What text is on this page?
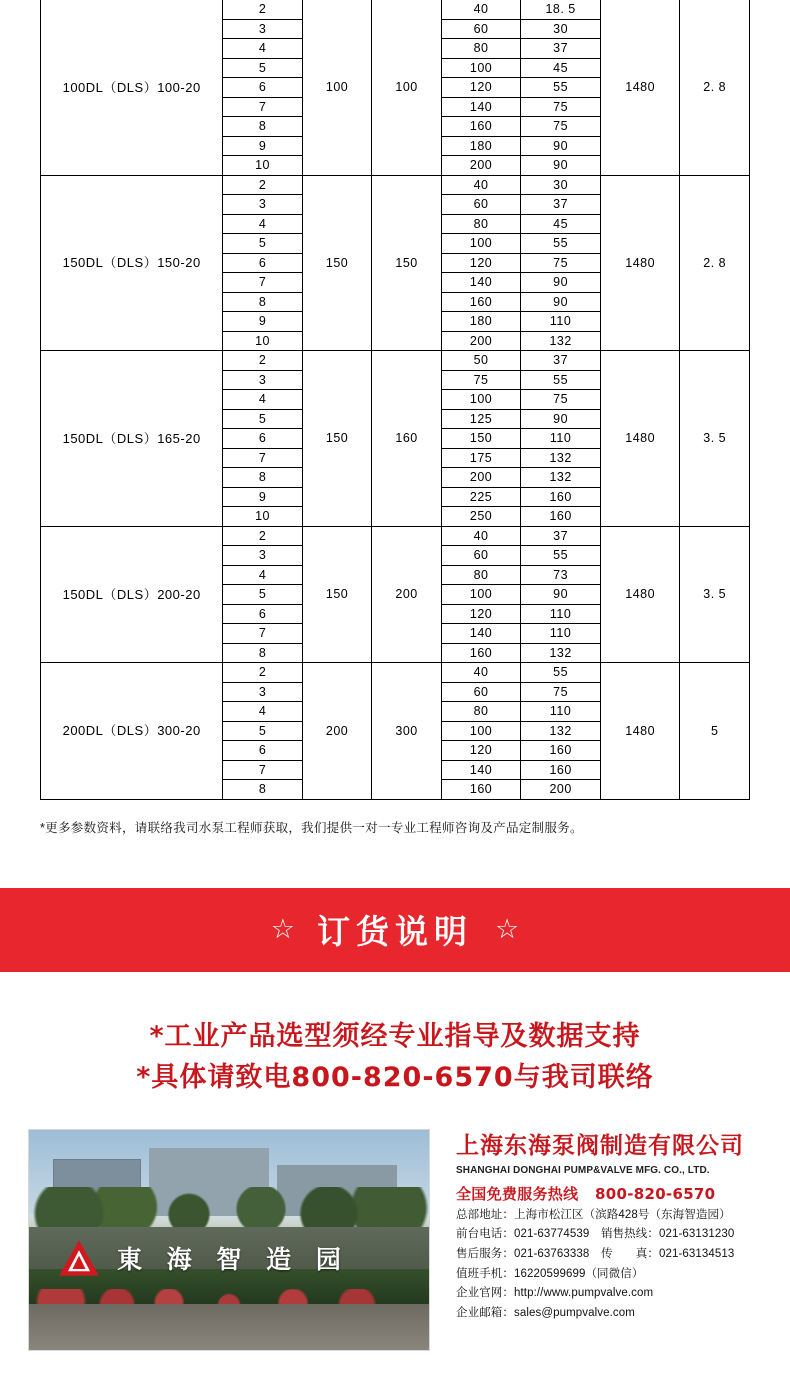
100DL（DLS）100-20	2	100	100	40	18. 5	1480	2. 8
	3			60	30		
	4			80	37		
	5			100	45		
	6			120	55		
	7			140	75		
	8			160	75		
	9			180	90		
	10			200	90		
150DL（DLS）150-20	2	150	150	40	30	1480	2. 8
	3			60	37		
	4			80	45		
	5			100	55		
	6			120	75		
	7			140	90		
	8			160	90		
	9			180	110		
	10			200	132		
150DL（DLS）165-20	2	150	160	50	37	1480	3. 5
	3			75	55		
	4			100	75		
	5			125	90		
	6			150	110		
	7			175	132		
	8			200	132		
	9			225	160		
	10			250	160		
150DL（DLS）200-20	2	150	200	40	37	1480	3. 5
	3			60	55		
	4			80	73		
	5			100	90		
	6			120	110		
	7			140	110		
	8			160	132		
200DL（DLS）300-20	2	200	300	40	55	1480	5
	3			60	75		
	4			80	110		
	5			100	132		
	6			120	160		
	7			140	160		
	8			160	200		
*更多参数资料，请联络我司水泵工程师获取，我们提供一对一专业工程师咨询及产品定制服务。
☆ 订货说明 ☆
*工业产品选型须经专业指导及数据支持
*具体请致电800-820-6570与我司联络
東 海 智 造 园
上海东海泵阀制造有限公司
SHANGHAI DONGHAI PUMP&VALVE MFG. CO., LTD.
全国免费服务热线 800-820-6570
总部地址：上海市松江区（滨路428号（东海智造园）
前台电话：021-63774539　销售热线：021-63131230
售后服务：021-63763338　传　　真：021-63134513
值班手机：16220599699（同微信）
企业官网：http://www.pumpvalve.com
企业邮箱：sales@pumpvalve.com
